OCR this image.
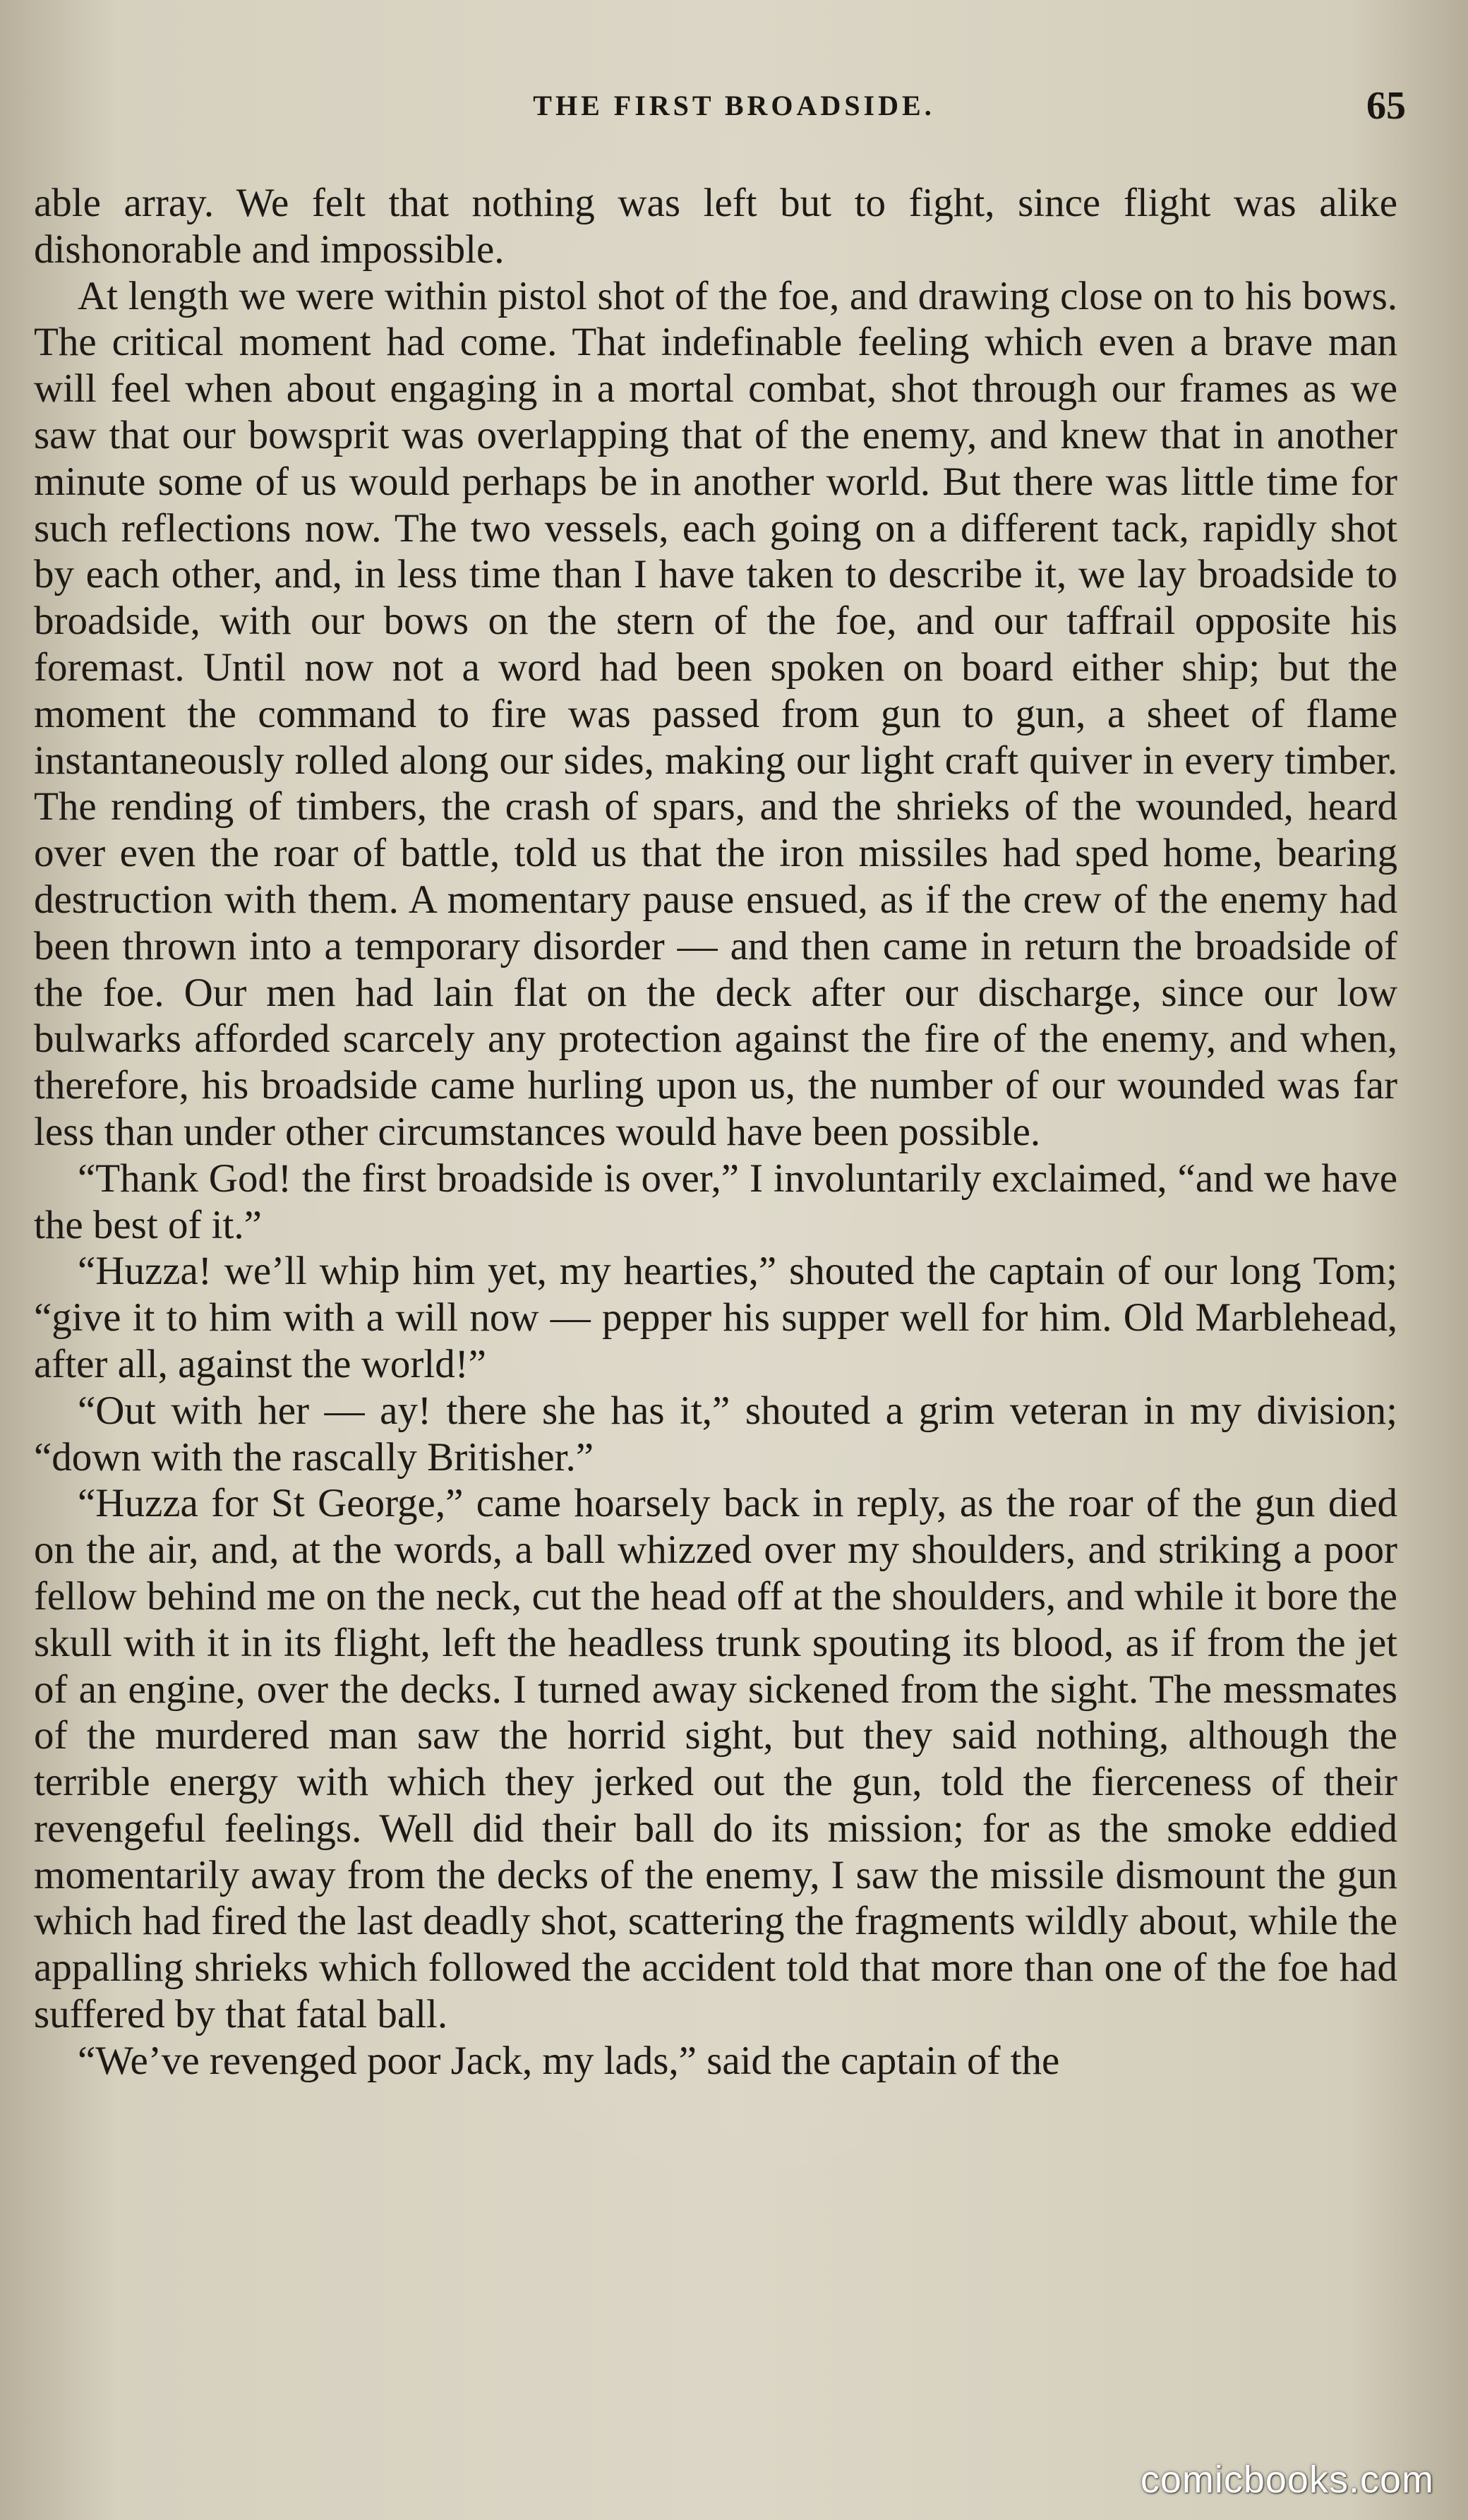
THE FIRST BROADSIDE.	65

able array. We felt that nothing was left but to fight, since flight was alike dishonorable and impossible.

At length we were within pistol shot of the foe, and drawing close on to his bows. The critical moment had come. That indefinable feeling which even a brave man will feel when about engaging in a mortal combat, shot through our frames as we saw that our bowsprit was overlapping that of the enemy, and knew that in another minute some of us would perhaps be in another world. But there was little time for such reflections now. The two vessels, each going on a different tack, rapidly shot by each other, and, in less time than I have taken to describe it, we lay broadside to broadside, with our bows on the stern of the foe, and our taffrail opposite his foremast. Until now not a word had been spoken on board either ship; but the moment the command to fire was passed from gun to gun, a sheet of flame instantaneously rolled along our sides, making our light craft quiver in every timber. The rending of timbers, the crash of spars, and the shrieks of the wounded, heard over even the roar of battle, told us that the iron missiles had sped home, bearing destruction with them. A momentary pause ensued, as if the crew of the enemy had been thrown into a temporary disorder — and then came in return the broadside of the foe. Our men had lain flat on the deck after our discharge, since our low bulwarks afforded scarcely any protection against the fire of the enemy, and when, therefore, his broadside came hurling upon us, the number of our wounded was far less than under other circumstances would have been possible.

“Thank God! the first broadside is over,” I involuntarily exclaimed, “and we have the best of it.”

“Huzza! we’ll whip him yet, my hearties,” shouted the captain of our long Tom; “give it to him with a will now — pepper his supper well for him. Old Marblehead, after all, against the world!”

“Out with her — ay! there she has it,” shouted a grim veteran in my division; “down with the rascally Britisher.”

“Huzza for St George,” came hoarsely back in reply, as the roar of the gun died on the air, and, at the words, a ball whizzed over my shoulders, and striking a poor fellow behind me on the neck, cut the head off at the shoulders, and while it bore the skull with it in its flight, left the headless trunk spouting its blood, as if from the jet of an engine, over the decks. I turned away sickened from the sight. The messmates of the murdered man saw the horrid sight, but they said nothing, although the terrible energy with which they jerked out the gun, told the fierceness of their revengeful feelings. Well did their ball do its mission; for as the smoke eddied momentarily away from the decks of the enemy, I saw the missile dismount the gun which had fired the last deadly shot, scattering the fragments wildly about, while the appalling shrieks which followed the accident told that more than one of the foe had suffered by that fatal ball.

“We’ve revenged poor Jack, my lads,” said the captain of the

comicbooks.com
